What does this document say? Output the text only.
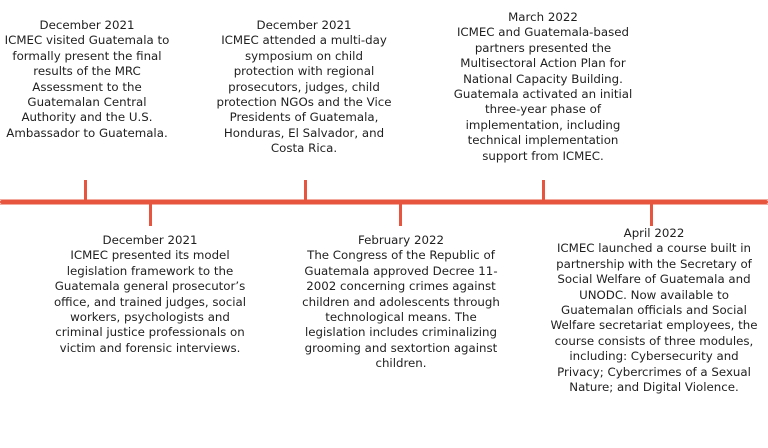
December 2021
ICMEC visited Guatemala to formally present the final results of the MRC Assessment to the Guatemalan Central Authority and the U.S. Ambassador to Guatemala.
December 2021
ICMEC presented its model legislation framework to the Guatemala general prosecutor’s office, and trained judges, social workers, psychologists and criminal justice professionals on victim and forensic interviews.
December 2021
ICMEC attended a multi-day symposium on child protection with regional prosecutors, judges, child protection NGOs and the Vice Presidents of Guatemala, Honduras, El Salvador, and Costa Rica.
February 2022
The Congress of the Republic of Guatemala approved Decree 11-2002 concerning crimes against children and adolescents through technological means. The legislation includes criminalizing grooming and sextortion against children.
March 2022
ICMEC and Guatemala-based partners presented the Multisectoral Action Plan for National Capacity Building. Guatemala activated an initial three-year phase of implementation, including technical implementation support from ICMEC.
April 2022
ICMEC launched a course built in partnership with the Secretary of Social Welfare of Guatemala and UNODC. Now available to Guatemalan officials and Social Welfare secretariat employees, the course consists of three modules, including: Cybersecurity and Privacy; Cybercrimes of a Sexual Nature; and Digital Violence.
